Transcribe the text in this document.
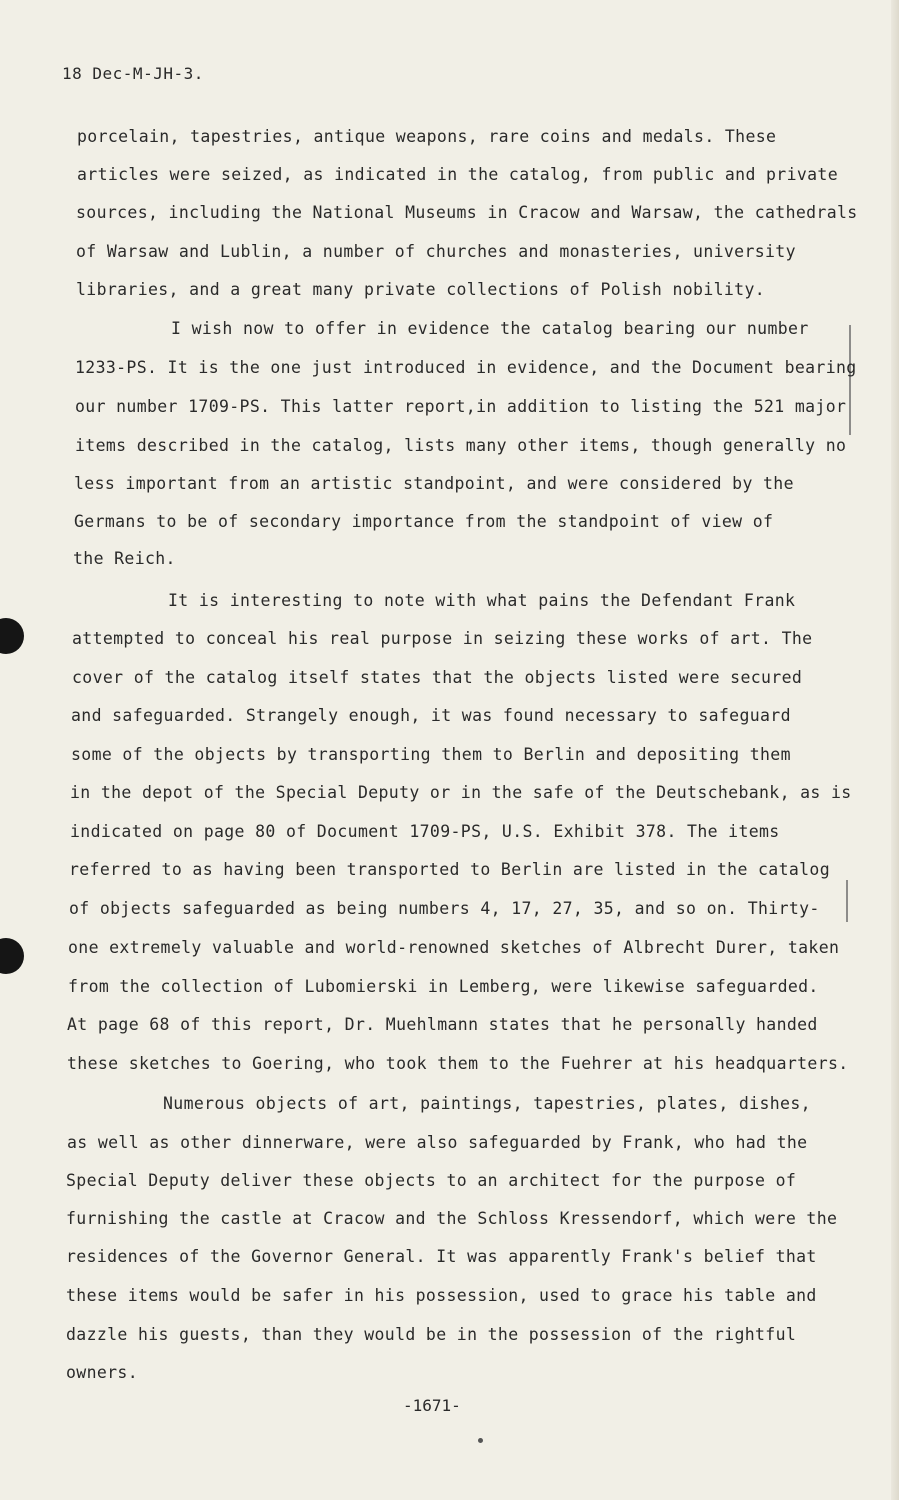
18 Dec-M-JH-3.
porcelain, tapestries, antique weapons, rare coins and medals. These
articles were seized, as indicated in the catalog, from public and private
sources, including the National Museums in Cracow and Warsaw, the cathedrals
of Warsaw and Lublin, a number of churches and monasteries, university
libraries, and a great many private collections of Polish nobility.
I wish now to offer in evidence the catalog bearing our number
1233-PS. It is the one just introduced in evidence, and the Document bearing
our number 1709-PS. This latter report,in addition to listing the 521 major
items described in the catalog, lists many other items, though generally no
less important from an artistic standpoint, and were considered by the
Germans to be of secondary importance from the standpoint of view of
the Reich.
It is interesting to note with what pains the Defendant Frank
attempted to conceal his real purpose in seizing these works of art. The
cover of the catalog itself states that the objects listed were secured
and safeguarded. Strangely enough, it was found necessary to safeguard
some of the objects by transporting them to Berlin and depositing them
in the depot of the Special Deputy or in the safe of the Deutschebank, as is
indicated on page 80 of Document 1709-PS, U.S. Exhibit 378. The items
referred to as having been transported to Berlin are listed in the catalog
of objects safeguarded as being numbers 4, 17, 27, 35, and so on. Thirty-
one extremely valuable and world-renowned sketches of Albrecht Durer, taken
from the collection of Lubomierski in Lemberg, were likewise safeguarded.
At page 68 of this report, Dr. Muehlmann states that he personally handed
these sketches to Goering, who took them to the Fuehrer at his headquarters.
Numerous objects of art, paintings, tapestries, plates, dishes,
as well as other dinnerware, were also safeguarded by Frank, who had the
Special Deputy deliver these objects to an architect for the purpose of
furnishing the castle at Cracow and the Schloss Kressendorf, which were the
residences of the Governor General. It was apparently Frank's belief that
these items would be safer in his possession, used to grace his table and
dazzle his guests, than they would be in the possession of the rightful
owners.
-1671-
